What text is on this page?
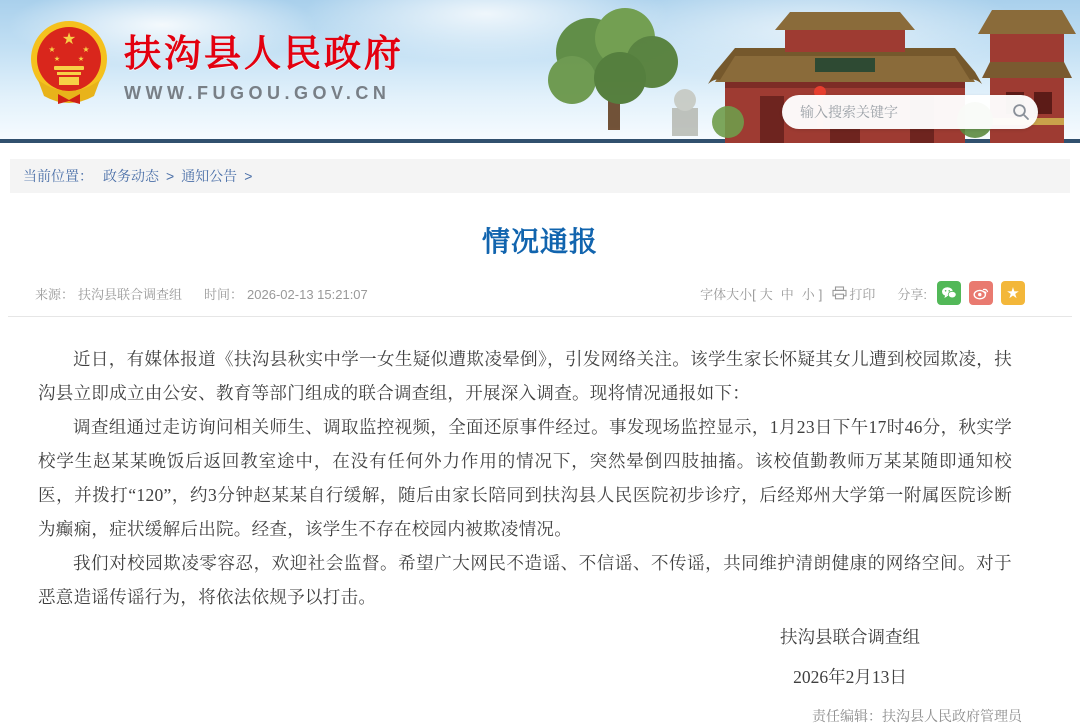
★
★	★
★	★ 扶沟县人民政府
WWW.FUGOU.GOV.CN
输入搜索关键字
当前位置： 政务动态 > 通知公告 >
情况通报
来源： 扶沟县联合调查组 时间： 2026-02-13 15:21:07	字体大小[ 大 中 小 ] 打印 分享:	★

近日，有媒体报道《扶沟县秋实中学一女生疑似遭欺凌晕倒》，引发网络关注。该学生家长怀疑其女儿遭到校园欺凌，扶沟县立即成立由公安、教育等部门组成的联合调查组，开展深入调查。现将情况通报如下：

调查组通过走访询问相关师生、调取监控视频，全面还原事件经过。事发现场监控显示，1月23日下午17时46分，秋实学校学生赵某某晚饭后返回教室途中，在没有任何外力作用的情况下，突然晕倒四肢抽搐。该校值勤教师万某某随即通知校医，并拨打“120”，约3分钟赵某某自行缓解，随后由家长陪同到扶沟县人民医院初步诊疗，后经郑州大学第一附属医院诊断为癫痫，症状缓解后出院。经查，该学生不存在校园内被欺凌情况。

我们对校园欺凌零容忍，欢迎社会监督。希望广大网民不造谣、不信谣、不传谣，共同维护清朗健康的网络空间。对于恶意造谣传谣行为，将依法依规予以打击。

扶沟县联合调查组

2026年2月13日

责任编辑：扶沟县人民政府管理员
